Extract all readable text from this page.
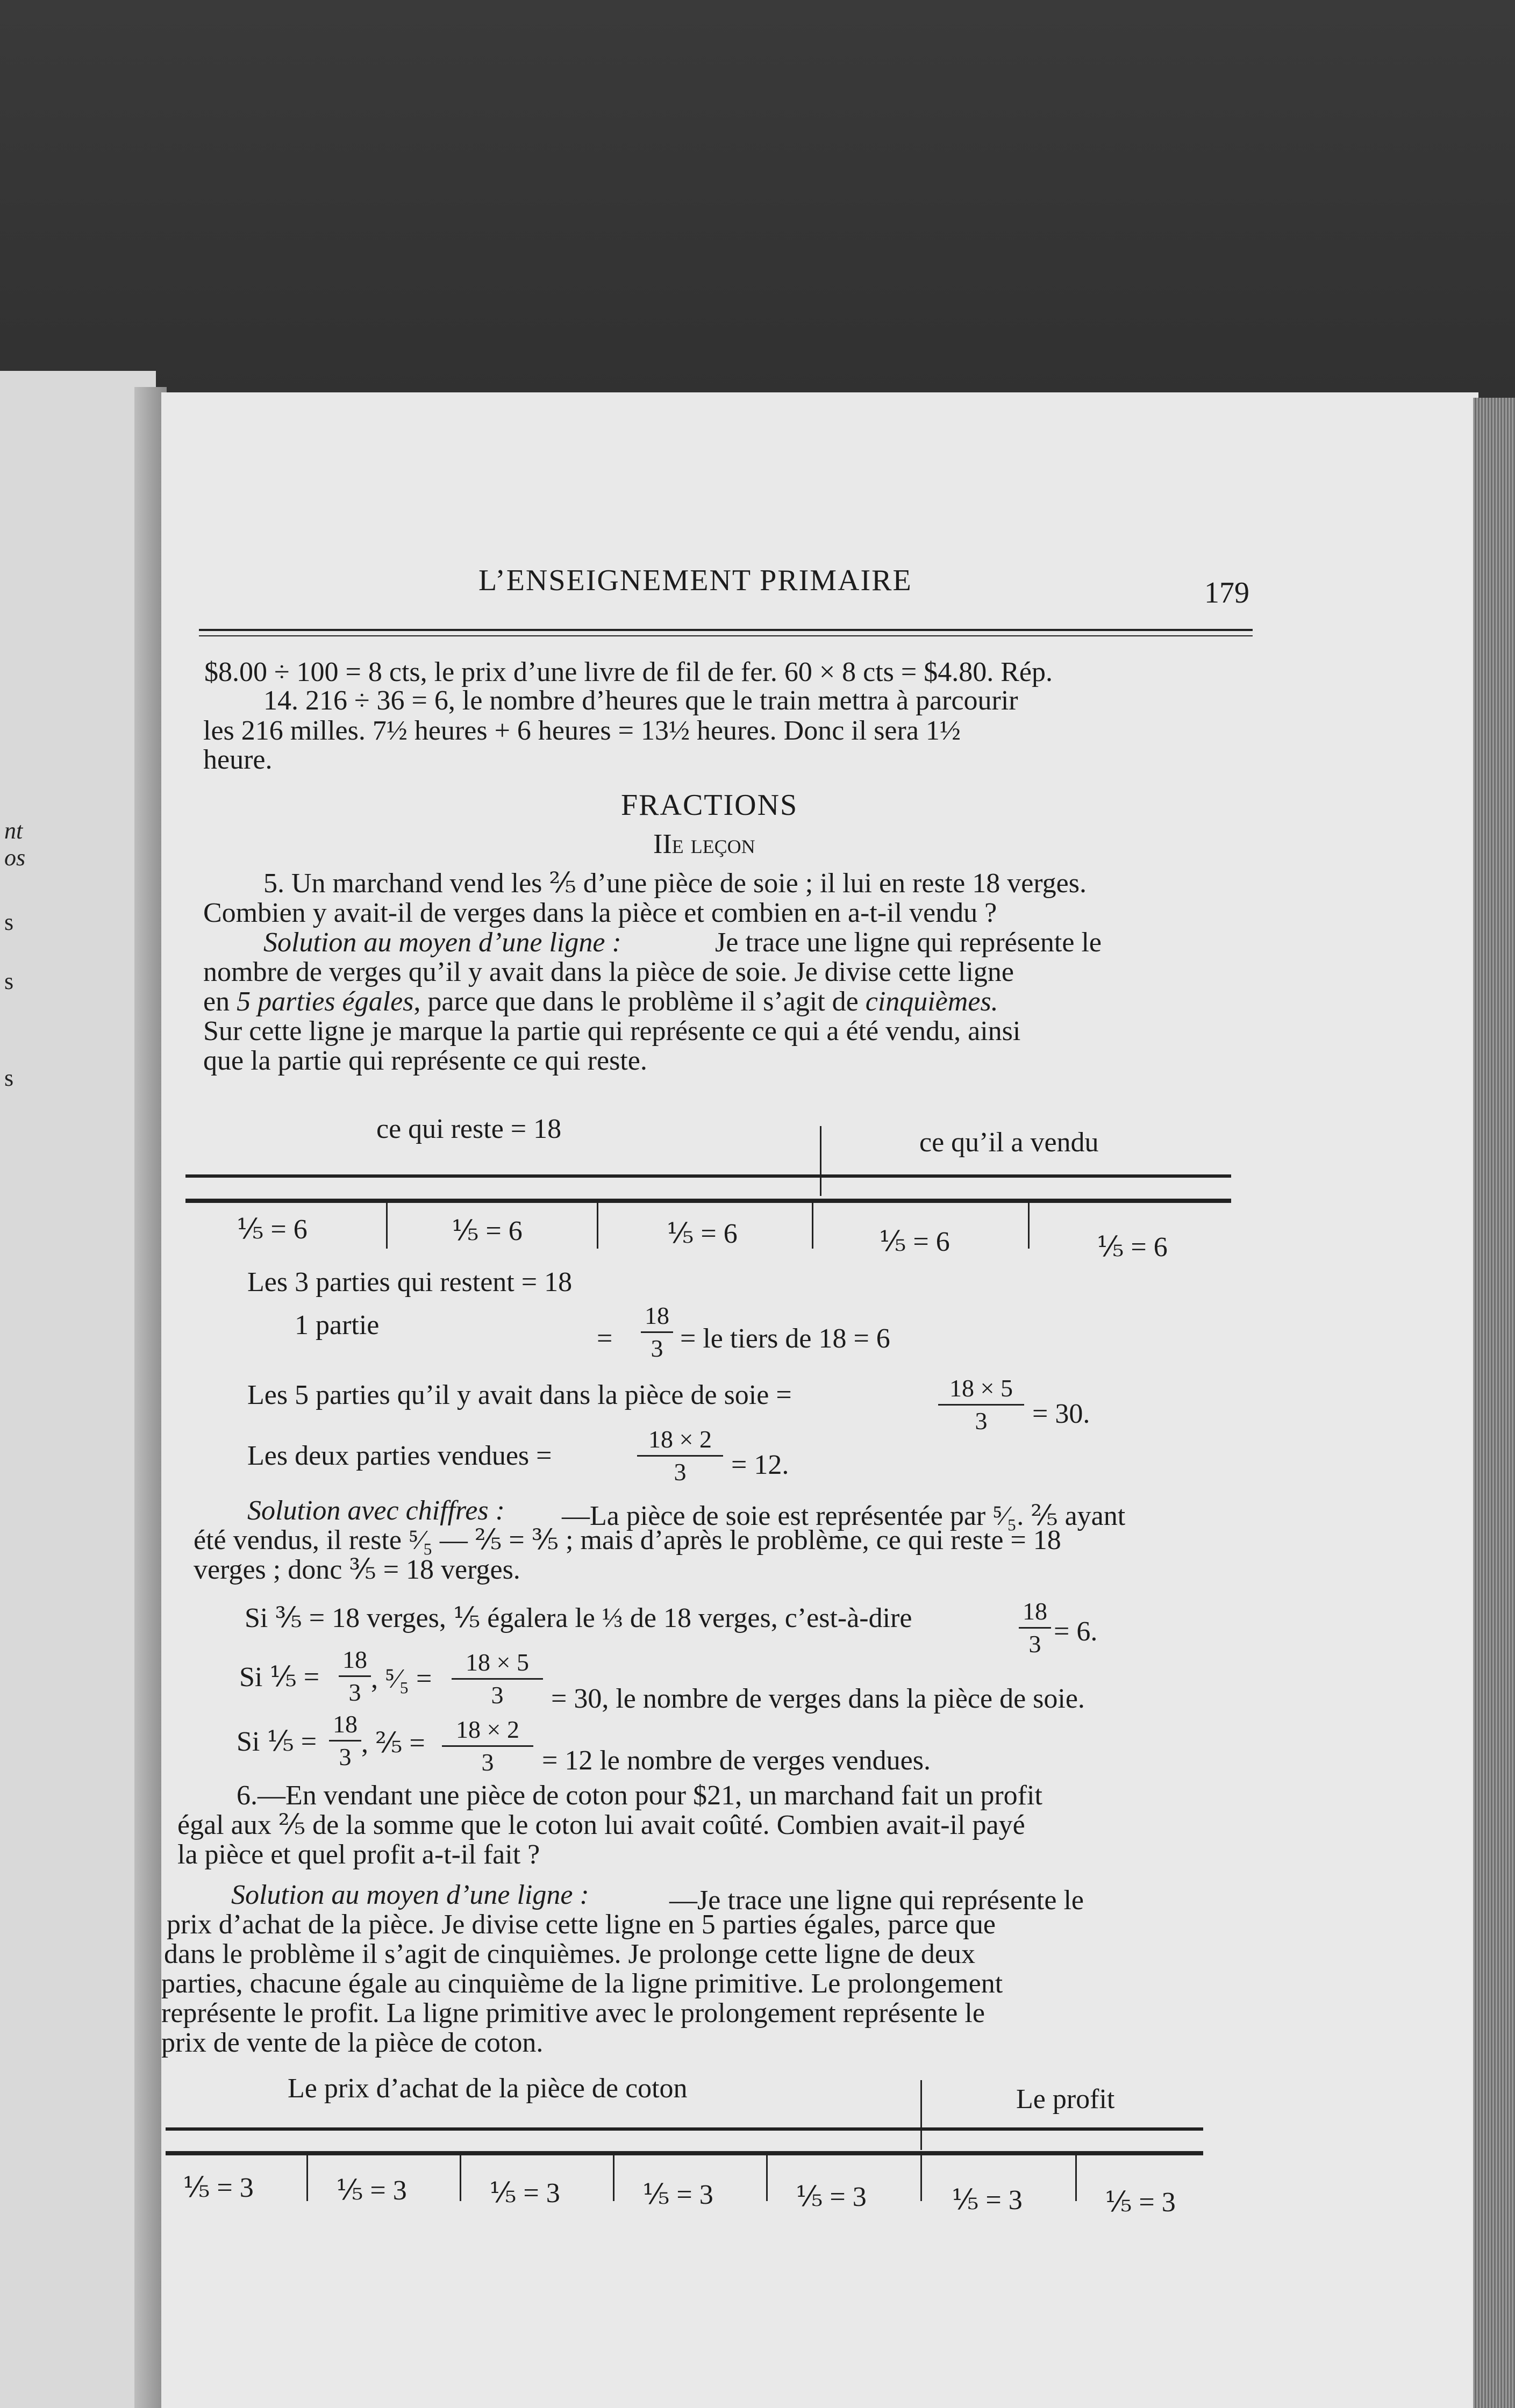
nt
os
s
s
s
L’ENSEIGNEMENT PRIMAIRE	179
$8.00 ÷ 100 = 8 cts, le prix d’une livre de fil de fer. 60 × 8 cts = $4.80. Rép.
14. 216 ÷ 36 = 6, le nombre d’heures que le train mettra à parcourir
les 216 milles. 7½ heures + 6 heures = 13½ heures. Donc il sera 1½
heure.
FRACTIONS
IIe leçon
5. Un marchand vend les ⅖ d’une pièce de soie ; il lui en reste 18 verges.
Combien y avait-il de verges dans la pièce et combien en a-t-il vendu ?
Solution au moyen d’une ligne :	Je trace une ligne qui représente le
nombre de verges qu’il y avait dans la pièce de soie. Je divise cette ligne
en 5 parties égales, parce que dans le problème il s’agit de cinquièmes.
Sur cette ligne je marque la partie qui représente ce qui a été vendu, ainsi
que la partie qui représente ce qui reste.
ce qui reste = 18	ce qu’il a vendu
⅕ = 6	⅕ = 6	⅕ = 6	⅕ = 6	⅕ = 6
Les 3 parties qui restent = 18
1 partie	=
18
3 = le tiers de 18 = 6
Les 5 parties qu’il y avait dans la pièce de soie =	18 × 5
3	= 30.
Les deux parties vendues =
18 × 2
3	= 12.
Solution avec chiffres : —La pièce de soie est représentée par ⁵⁄₅. ⅖ ayant
été vendus, il reste ⁵⁄₅ — ⅖ = ⅗ ; mais d’après le problème, ce qui reste = 18
verges ; donc ⅗ = 18 verges.
Si ⅗ = 18 verges, ⅕ égalera le ⅓ de 18 verges, c’est-à-dire	18
3 = 6.
Si ⅕ =
18
3 , ⁵⁄₅ =
18 × 5
3	= 30, le nombre de verges dans la pièce de soie.
Si ⅕ =
18
3 , ⅖ =	18 × 2
3	= 12 le nombre de verges vendues.
6.—En vendant une pièce de coton pour $21, un marchand fait un profit
égal aux ⅖ de la somme que le coton lui avait coûté. Combien avait-il payé
la pièce et quel profit a-t-il fait ?
Solution au moyen d’une ligne :	—Je trace une ligne qui représente le
prix d’achat de la pièce. Je divise cette ligne en 5 parties égales, parce que
dans le problème il s’agit de cinquièmes. Je prolonge cette ligne de deux
parties, chacune égale au cinquième de la ligne primitive. Le prolongement
représente le profit. La ligne primitive avec le prolongement représente le
prix de vente de la pièce de coton.
Le prix d’achat de la pièce de coton	Le profit
⅕ = 3	⅕ = 3	⅕ = 3	⅕ = 3	⅕ = 3	⅕ = 3	⅕ = 3
